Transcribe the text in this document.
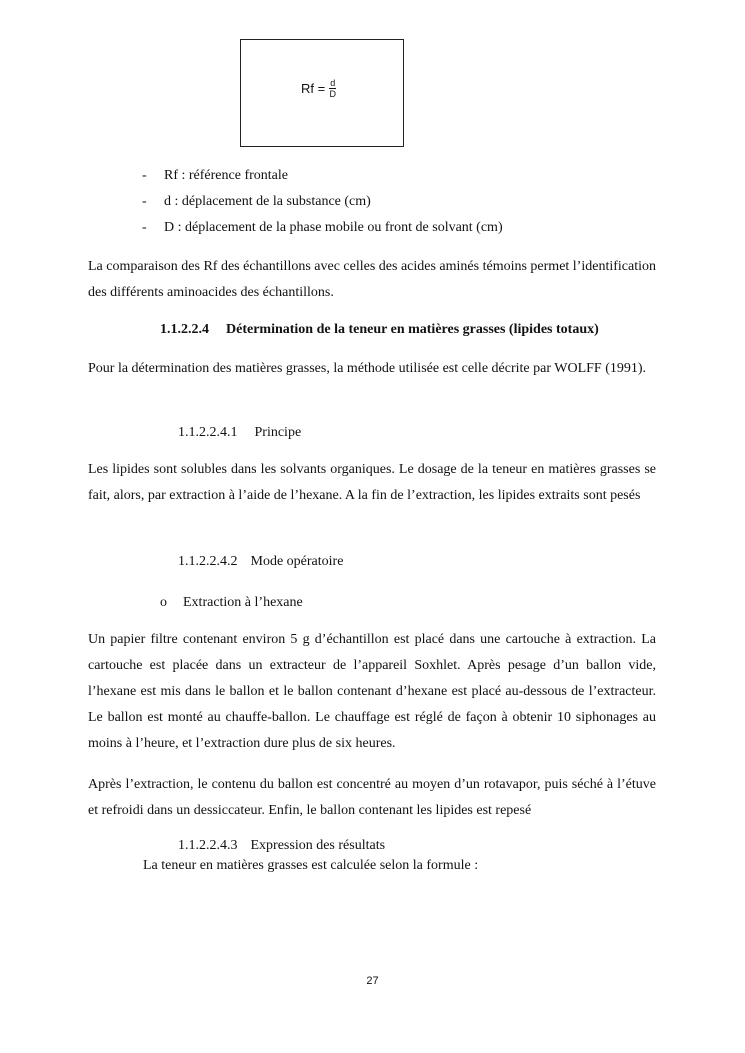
$Rf = \frac{d}{D}$
- Rf : référence frontale
- d : déplacement de la substance (cm)
- D : déplacement de la phase mobile ou front de solvant (cm)

La comparaison des Rf des échantillons avec celles des acides aminés témoins permet l’identification des différents aminoacides des échantillons.

1.1.2.2.4 Détermination de la teneur en matières grasses (lipides totaux)

Pour la détermination des matières grasses, la méthode utilisée est celle décrite par WOLFF (1991).

1.1.2.2.4.1 Principe

Les lipides sont solubles dans les solvants organiques. Le dosage de la teneur en matières grasses se fait, alors, par extraction à l’aide de l’hexane. A la fin de l’extraction, les lipides extraits sont pesés

1.1.2.2.4.2 Mode opératoire
o Extraction à l’hexane

Un papier filtre contenant environ 5 g d’échantillon est placé dans une cartouche à extraction. La cartouche est placée dans un extracteur de l’appareil Soxhlet. Après pesage d’un ballon vide, l’hexane est mis dans le ballon et le ballon contenant d’hexane est placé au-dessous de l’extracteur. Le ballon est monté au chauffe-ballon. Le chauffage est réglé de façon à obtenir 10 siphonages au moins à l’heure, et l’extraction dure plus de six heures.

Après l’extraction, le contenu du ballon est concentré au moyen d’un rotavapor, puis séché à l’étuve et refroidi dans un dessiccateur. Enfin, le ballon contenant les lipides est repesé

1.1.2.2.4.3 Expression des résultats
La teneur en matières grasses est calculée selon la formule :
27
